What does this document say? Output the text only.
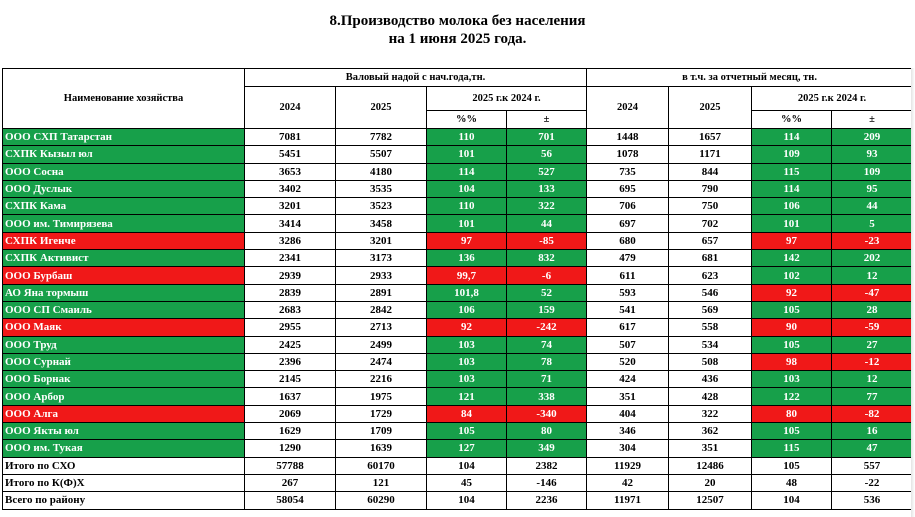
8.Производство молока без населения
на 1 июня 2025 года.
Наименование хозяйства	Валовый надой с нач.года,тн.				в т.ч. за отчетный месяц, тн.			
	2024	2025	2025 г.к 2024 г.		2024	2025	2025 г.к 2024 г.	
			%%	±			%%	±
ООО СХП Татарстан	7081	7782	110	701	1448	1657	114	209
СХПК Кызыл юл	5451	5507	101	56	1078	1171	109	93
ООО Сосна	3653	4180	114	527	735	844	115	109
ООО Дуслык	3402	3535	104	133	695	790	114	95
СХПК Кама	3201	3523	110	322	706	750	106	44
ООО им. Тимирязева	3414	3458	101	44	697	702	101	5
СХПК Игенче	3286	3201	97	-85	680	657	97	-23
СХПК Активист	2341	3173	136	832	479	681	142	202
ООО Бурбаш	2939	2933	99,7	-6	611	623	102	12
АО Яна тормыш	2839	2891	101,8	52	593	546	92	-47
ООО СП Смаиль	2683	2842	106	159	541	569	105	28
ООО Маяк	2955	2713	92	-242	617	558	90	-59
ООО Труд	2425	2499	103	74	507	534	105	27
ООО Сурнай	2396	2474	103	78	520	508	98	-12
ООО Борнак	2145	2216	103	71	424	436	103	12
ООО Арбор	1637	1975	121	338	351	428	122	77
ООО Алга	2069	1729	84	-340	404	322	80	-82
ООО Якты юл	1629	1709	105	80	346	362	105	16
ООО им. Тукая	1290	1639	127	349	304	351	115	47
Итого по СХО	57788	60170	104	2382	11929	12486	105	557
Итого по К(Ф)Х	267	121	45	-146	42	20	48	-22
Всего по району	58054	60290	104	2236	11971	12507	104	536
